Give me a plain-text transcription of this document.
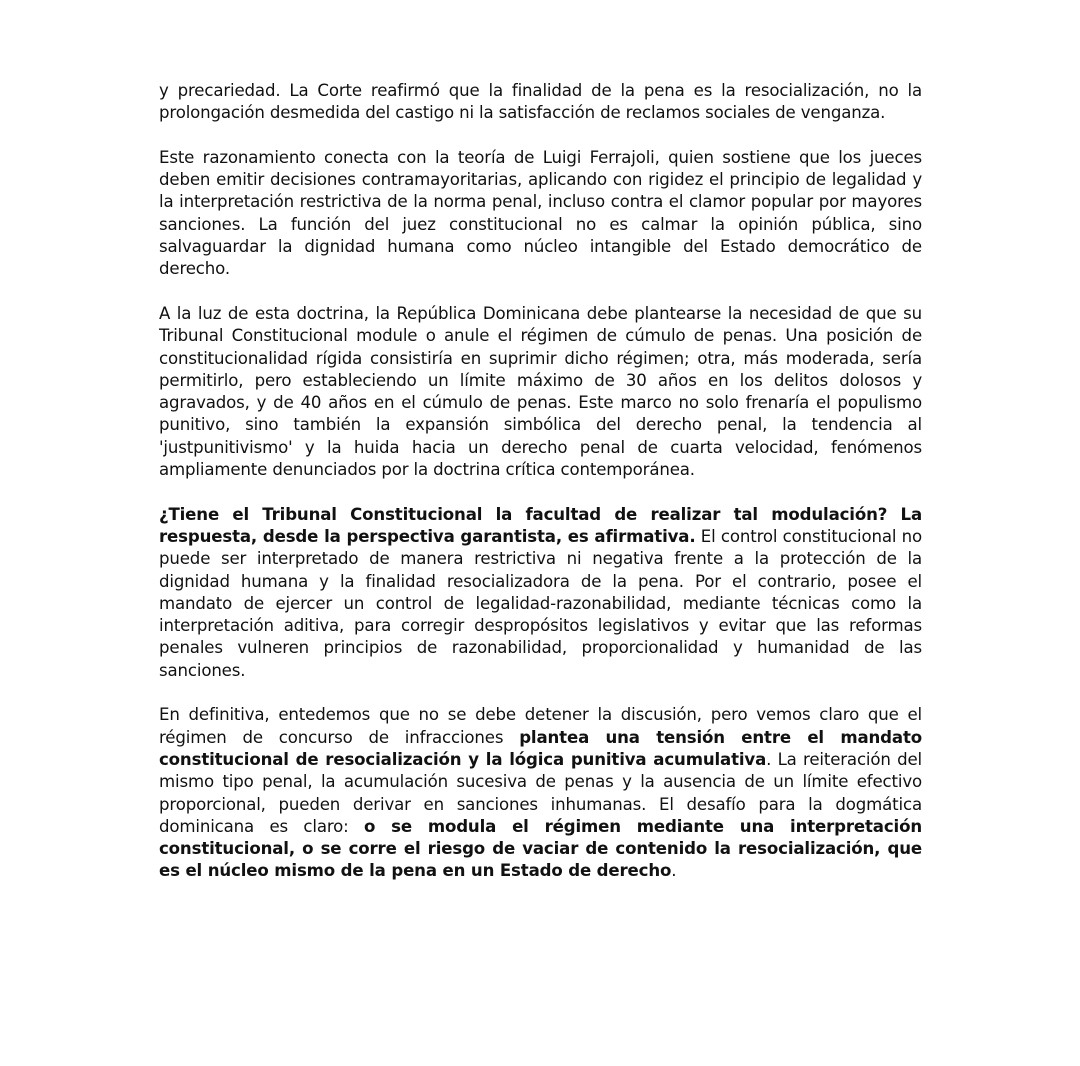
y precariedad. La Corte reafirmó que la finalidad de la pena es la resocialización, no la prolongación desmedida del castigo ni la satisfacción de reclamos sociales de venganza.

Este razonamiento conecta con la teoría de Luigi Ferrajoli, quien sostiene que los jueces deben emitir decisiones contramayoritarias, aplicando con rigidez el principio de legalidad y la interpretación restrictiva de la norma penal, incluso contra el clamor popular por mayores sanciones. La función del juez constitucional no es calmar la opinión pública, sino salvaguardar la dignidad humana como núcleo intangible del Estado democrático de derecho.

A la luz de esta doctrina, la República Dominicana debe plantearse la necesidad de que su Tribunal Constitucional module o anule el régimen de cúmulo de penas. Una posición de constitucionalidad rígida consistiría en suprimir dicho régimen; otra, más moderada, sería permitirlo, pero estableciendo un límite máximo de 30 años en los delitos dolosos y agravados, y de 40 años en el cúmulo de penas. Este marco no solo frenaría el populismo punitivo, sino también la expansión simbólica del derecho penal, la tendencia al 'justpunitivismo' y la huida hacia un derecho penal de cuarta velocidad, fenómenos ampliamente denunciados por la doctrina crítica contemporánea.

¿Tiene el Tribunal Constitucional la facultad de realizar tal modulación? La respuesta, desde la perspectiva garantista, es afirmativa. El control constitucional no puede ser interpretado de manera restrictiva ni negativa frente a la protección de la dignidad humana y la finalidad resocializadora de la pena. Por el contrario, posee el mandato de ejercer un control de legalidad-razonabilidad, mediante técnicas como la interpretación aditiva, para corregir despropósitos legislativos y evitar que las reformas penales vulneren principios de razonabilidad, proporcionalidad y humanidad de las sanciones.

En definitiva, entedemos que no se debe detener la discusión, pero vemos claro que el régimen de concurso de infracciones plantea una tensión entre el mandato constitucional de resocialización y la lógica punitiva acumulativa. La reiteración del mismo tipo penal, la acumulación sucesiva de penas y la ausencia de un límite efectivo proporcional, pueden derivar en sanciones inhumanas. El desafío para la dogmática dominicana es claro: o se modula el régimen mediante una interpretación constitucional, o se corre el riesgo de vaciar de contenido la resocialización, que es el núcleo mismo de la pena en un Estado de derecho.
